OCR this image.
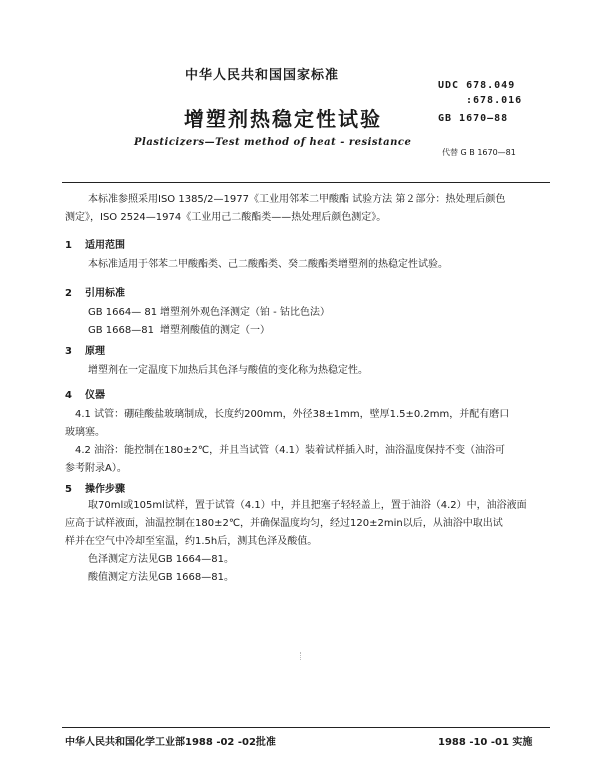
中华人民共和国国家标准
UDC 678.049
:678.016
增塑剂热稳定性试验	GB 1670—88
Plasticizers—Test method of heat - resistance
代替 G B 1670—81
本标准参照采用ISO 1385/2—1977《工业用邻苯二甲酸酯 试验方法 第２部分：热处理后颜色
测定》，ISO 2524—1974《工业用己二酸酯类——热处理后颜色测定》。
1 适用范围
本标准适用于邻苯二甲酸酯类、己二酸酯类、癸二酸酯类增塑剂的热稳定性试验。
2 引用标准
GB 1664— 81 增塑剂外观色泽测定（铂 - 钴比色法）
GB 1668—81 增塑剂酸值的测定（一）
3 原理
增塑剂在一定温度下加热后其色泽与酸值的变化称为热稳定性。
4 仪器
4.1 试管：硼硅酸盐玻璃制成，长度约200mm，外径38±1mm，壁厚1.5±0.2mm，并配有磨口
玻璃塞。
4.2 油浴：能控制在180±2℃，并且当试管（4.1）装着试样插入时，油浴温度保持不变（油浴可
参考附录A）。
5 操作步骤
取70ml或105ml试样，置于试管（4.1）中，并且把塞子轻轻盖上，置于油浴（4.2）中，油浴液面
应高于试样液面，油温控制在180±2℃，并确保温度均匀，经过120±2min以后，从油浴中取出试
样并在空气中冷却至室温，约1.5h后，测其色泽及酸值。
色泽测定方法见GB 1664—81。
酸值测定方法见GB 1668—81。
中华人民共和国化学工业部1988 -02 -02批准	1988 -10 -01 实施
